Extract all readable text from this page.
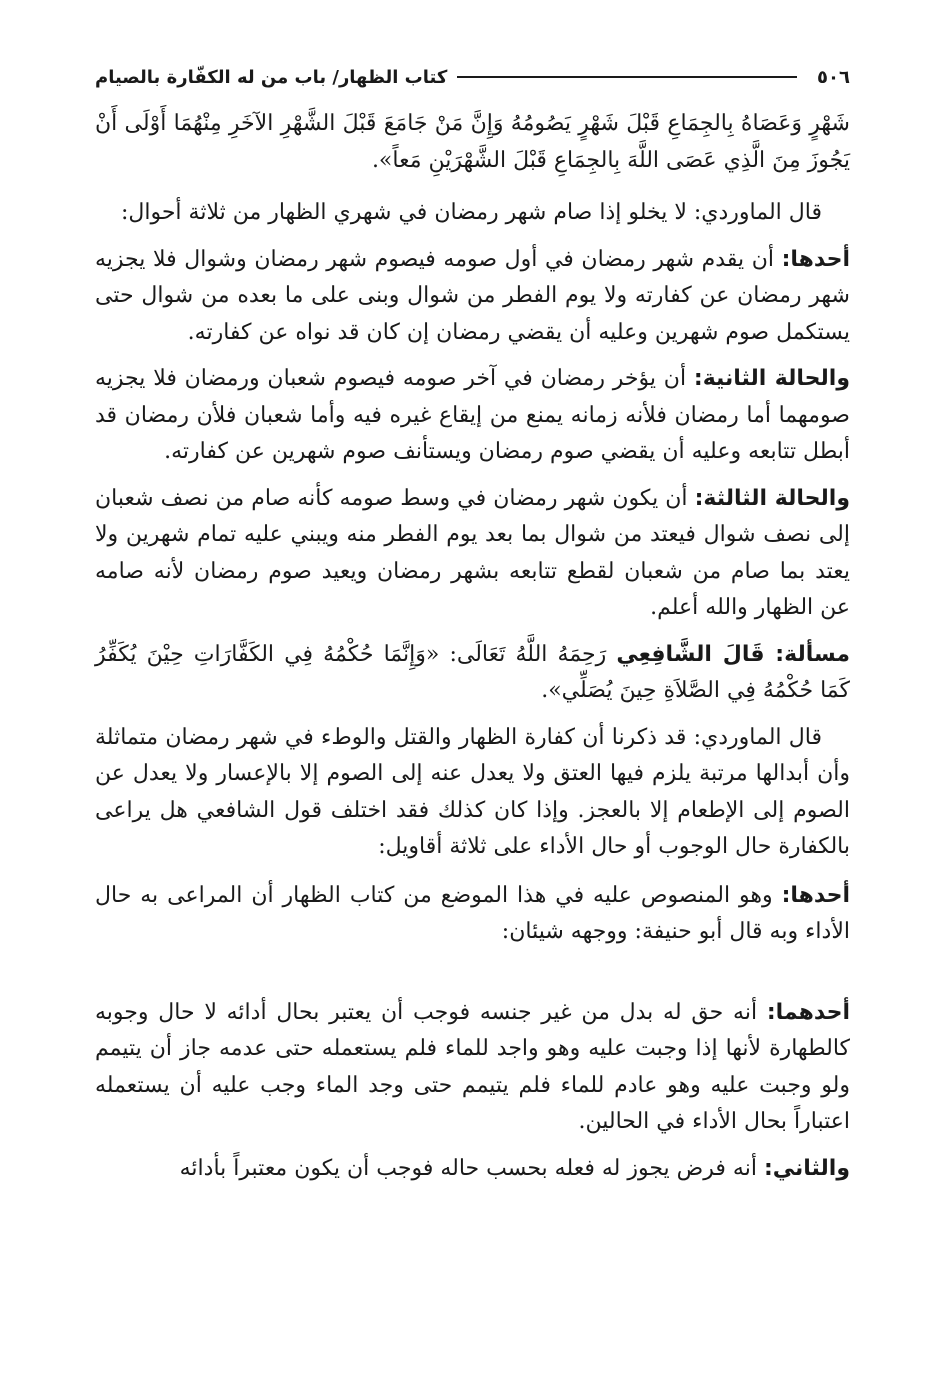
٥٠٦
كتاب الظهار/ باب من له الكفّارة بالصيام

شَهْرٍ وَعَصَاهُ بِالجِمَاعِ قَبْلَ شَهْرٍ يَصُومُهُ وَإِنَّ مَنْ جَامَعَ قَبْلَ الشَّهْرِ الآخَرِ مِنْهُمَا أَوْلَى أَنْ يَجُوزَ مِنَ الَّذِي عَصَى اللَّهَ بِالجِمَاعِ قَبْلَ الشَّهْرَيْنِ مَعاً».

قال الماوردي: لا يخلو إذا صام شهر رمضان في شهري الظهار من ثلاثة أحوال:

أحدها: أن يقدم شهر رمضان في أول صومه فيصوم شهر رمضان وشوال فلا يجزيه شهر رمضان عن كفارته ولا يوم الفطر من شوال وبنى على ما بعده من شوال حتى يستكمل صوم شهرين وعليه أن يقضي رمضان إن كان قد نواه عن كفارته.

والحالة الثانية: أن يؤخر رمضان في آخر صومه فيصوم شعبان ورمضان فلا يجزيه صومهما أما رمضان فلأنه زمانه يمنع من إيقاع غيره فيه وأما شعبان فلأن رمضان قد أبطل تتابعه وعليه أن يقضي صوم رمضان ويستأنف صوم شهرين عن كفارته.

والحالة الثالثة: أن يكون شهر رمضان في وسط صومه كأنه صام من نصف شعبان إلى نصف شوال فيعتد من شوال بما بعد يوم الفطر منه ويبني عليه تمام شهرين ولا يعتد بما صام من شعبان لقطع تتابعه بشهر رمضان ويعيد صوم رمضان لأنه صامه عن الظهار والله أعلم.

مسألة: قَالَ الشَّافِعِي رَحِمَهُ اللَّهُ تَعَالَى: «وَإِنَّمَا حُكْمُهُ فِي الكَفَّارَاتِ حِيْنَ يُكَفِّرُ كَمَا حُكْمُهُ فِي الصَّلاَةِ حِينَ يُصَلِّي».

قال الماوردي: قد ذكرنا أن كفارة الظهار والقتل والوطء في شهر رمضان متماثلة وأن أبدالها مرتبة يلزم فيها العتق ولا يعدل عنه إلى الصوم إلا بالإعسار ولا يعدل عن الصوم إلى الإطعام إلا بالعجز. وإذا كان كذلك فقد اختلف قول الشافعي هل يراعى بالكفارة حال الوجوب أو حال الأداء على ثلاثة أقاويل:

أحدها: وهو المنصوص عليه في هذا الموضع من كتاب الظهار أن المراعى به حال الأداء وبه قال أبو حنيفة: ووجهه شيئان:

أحدهما: أنه حق له بدل من غير جنسه فوجب أن يعتبر بحال أدائه لا حال وجوبه كالطهارة لأنها إذا وجبت عليه وهو واجد للماء فلم يستعمله حتى عدمه جاز أن يتيمم ولو وجبت عليه وهو عادم للماء فلم يتيمم حتى وجد الماء وجب عليه أن يستعمله اعتباراً بحال الأداء في الحالين.

والثاني: أنه فرض يجوز له فعله بحسب حاله فوجب أن يكون معتبراً بأدائه
